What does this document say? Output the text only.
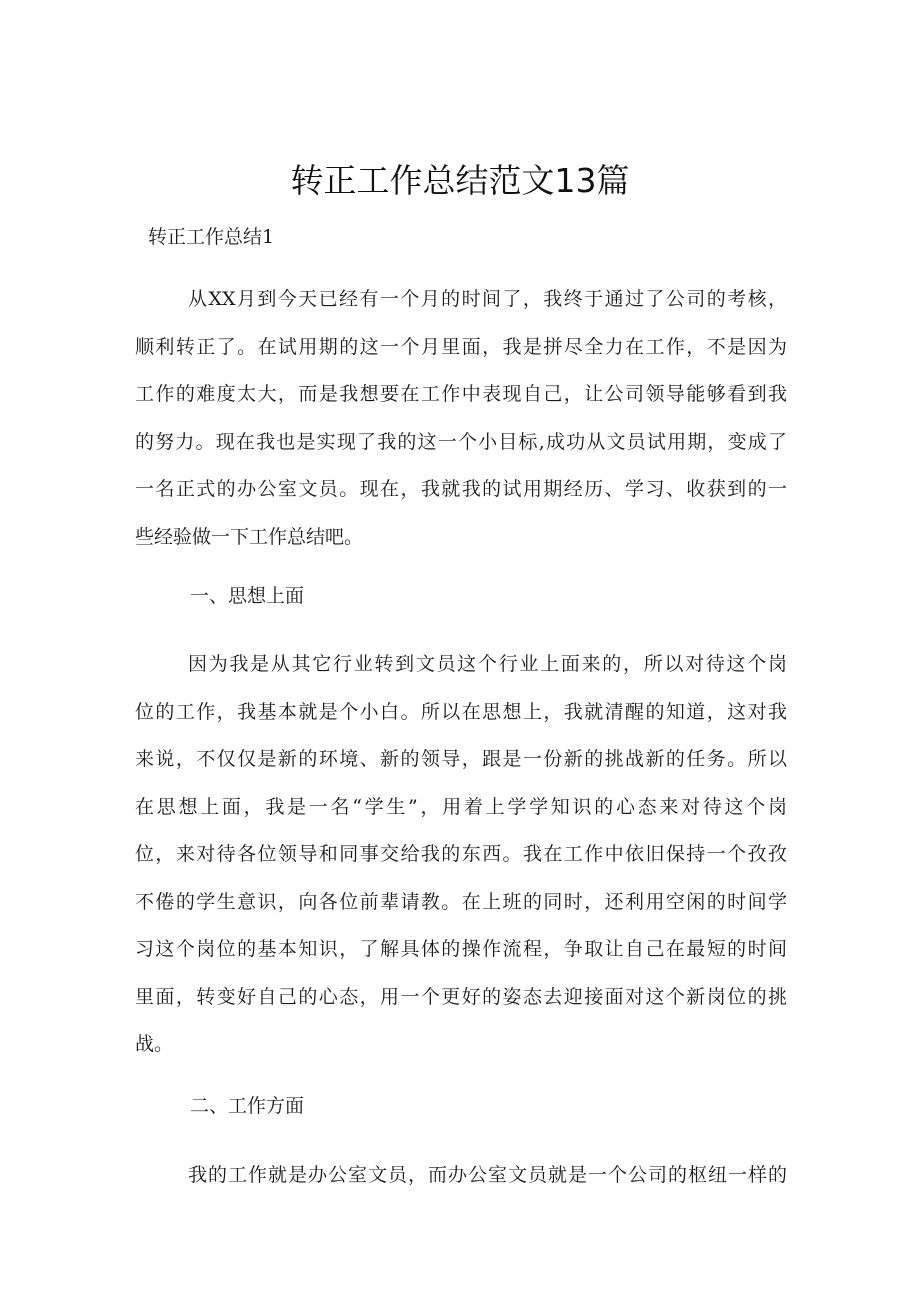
转正工作总结范文13篇

转正工作总结1

从XX月到今天已经有一个月的时间了，我终于通过了公司的考核，
顺利转正了。在试用期的这一个月里面，我是拼尽全力在工作，不是因为
工作的难度太大，而是我想要在工作中表现自己，让公司领导能够看到我
的努力。现在我也是实现了我的这一个小目标,成功从文员试用期，变成了
一名正式的办公室文员。现在，我就我的试用期经历、学习、收获到的一
些经验做一下工作总结吧。
一、思想上面
因为我是从其它行业转到文员这个行业上面来的，所以对待这个岗
位的工作，我基本就是个小白。所以在思想上，我就清醒的知道，这对我
来说，不仅仅是新的环境、新的领导，跟是一份新的挑战新的任务。所以
在思想上面，我是一名“学生”，用着上学学知识的心态来对待这个岗
位，来对待各位领导和同事交给我的东西。我在工作中依旧保持一个孜孜
不倦的学生意识，向各位前辈请教。在上班的同时，还利用空闲的时间学
习这个岗位的基本知识，了解具体的操作流程，争取让自己在最短的时间
里面，转变好自己的心态，用一个更好的姿态去迎接面对这个新岗位的挑
战。
二、工作方面
我的工作就是办公室文员，而办公室文员就是一个公司的枢纽一样的
